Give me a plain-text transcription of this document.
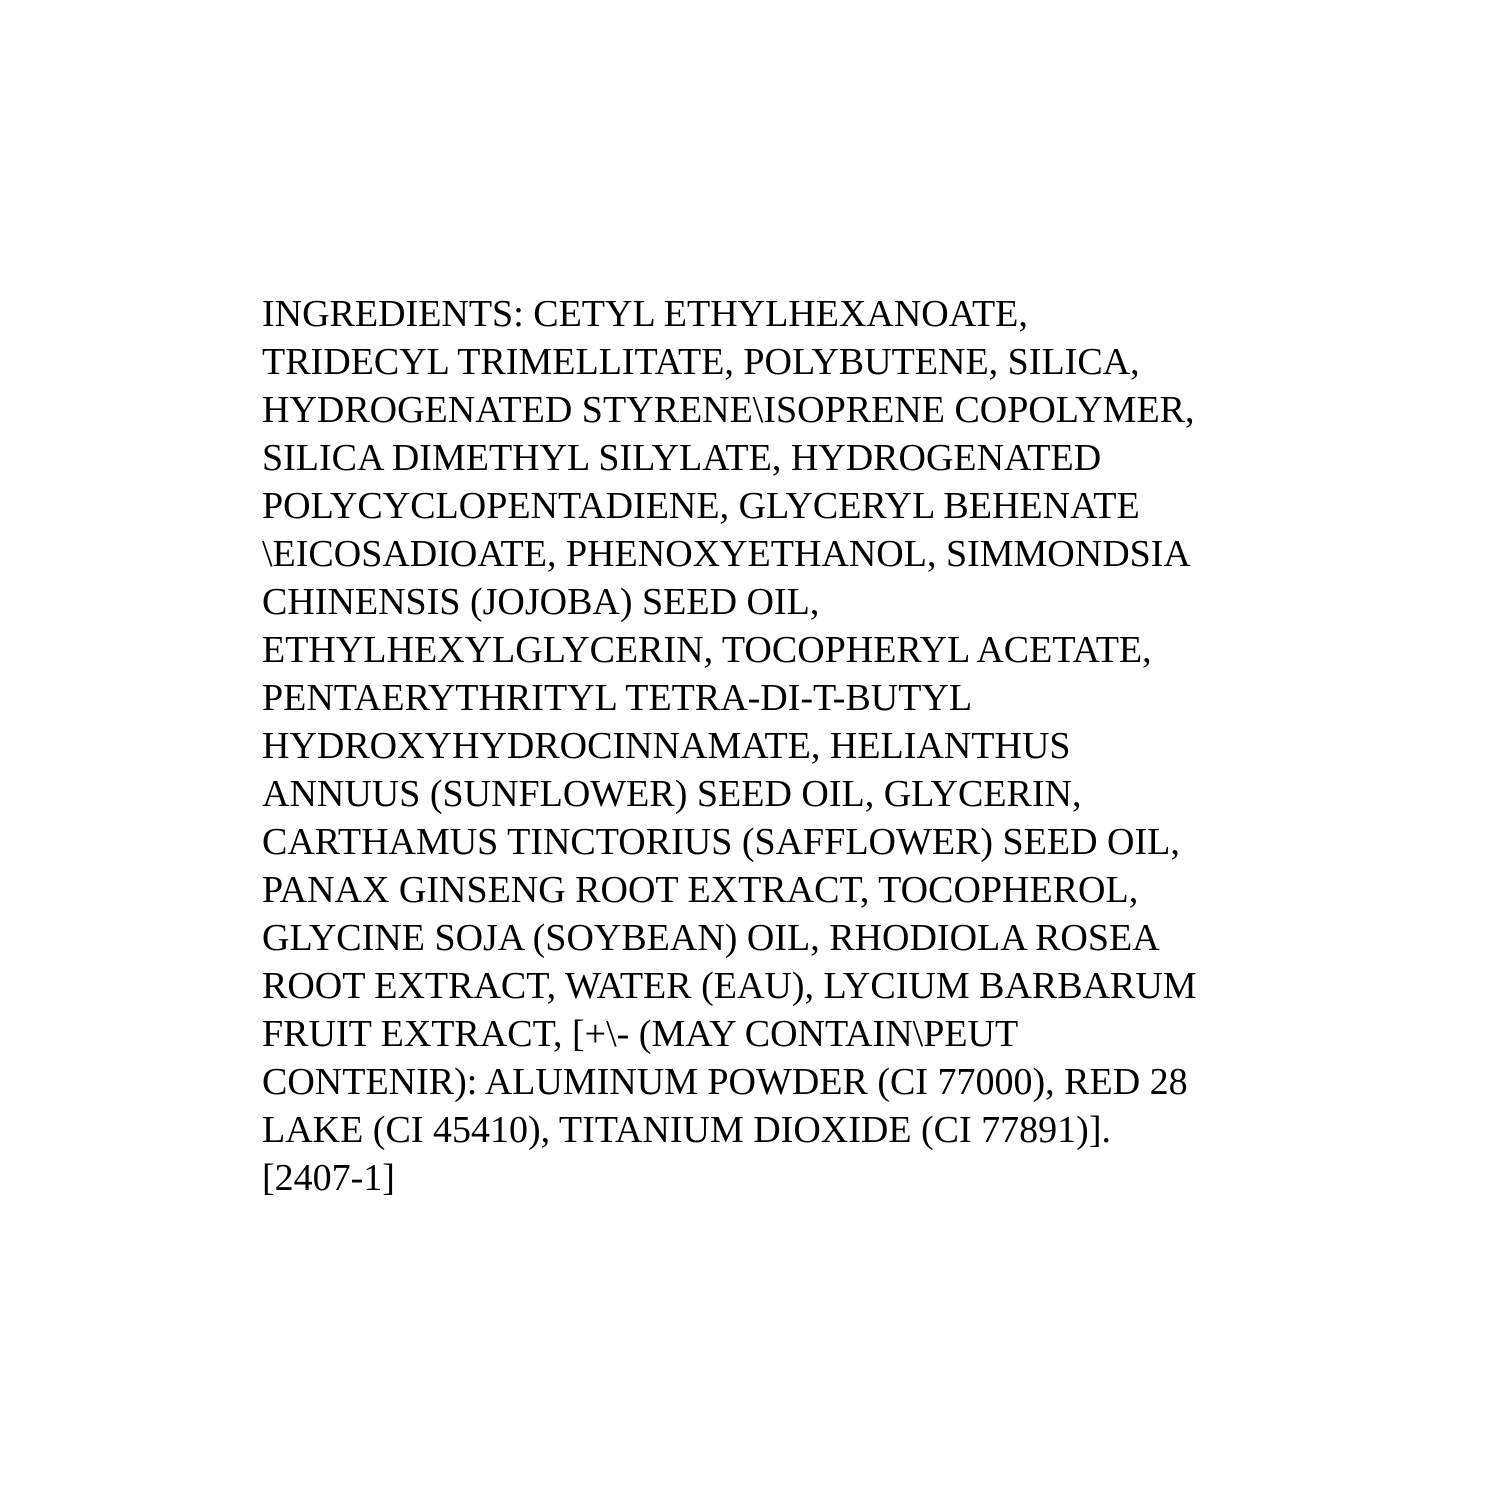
INGREDIENTS: CETYL ETHYLHEXANOATE,
TRIDECYL TRIMELLITATE, POLYBUTENE, SILICA,
HYDROGENATED STYRENE\ISOPRENE COPOLYMER,
SILICA DIMETHYL SILYLATE, HYDROGENATED
POLYCYCLOPENTADIENE, GLYCERYL BEHENATE
\EICOSADIOATE, PHENOXYETHANOL, SIMMONDSIA
CHINENSIS (JOJOBA) SEED OIL,
ETHYLHEXYLGLYCERIN, TOCOPHERYL ACETATE,
PENTAERYTHRITYL TETRA-DI-T-BUTYL
HYDROXYHYDROCINNAMATE, HELIANTHUS
ANNUUS (SUNFLOWER) SEED OIL, GLYCERIN,
CARTHAMUS TINCTORIUS (SAFFLOWER) SEED OIL,
PANAX GINSENG ROOT EXTRACT, TOCOPHEROL,
GLYCINE SOJA (SOYBEAN) OIL, RHODIOLA ROSEA
ROOT EXTRACT, WATER (EAU), LYCIUM BARBARUM
FRUIT EXTRACT, [+\- (MAY CONTAIN\PEUT
CONTENIR): ALUMINUM POWDER (CI 77000), RED 28
LAKE (CI 45410), TITANIUM DIOXIDE (CI 77891)].
[2407-1]
